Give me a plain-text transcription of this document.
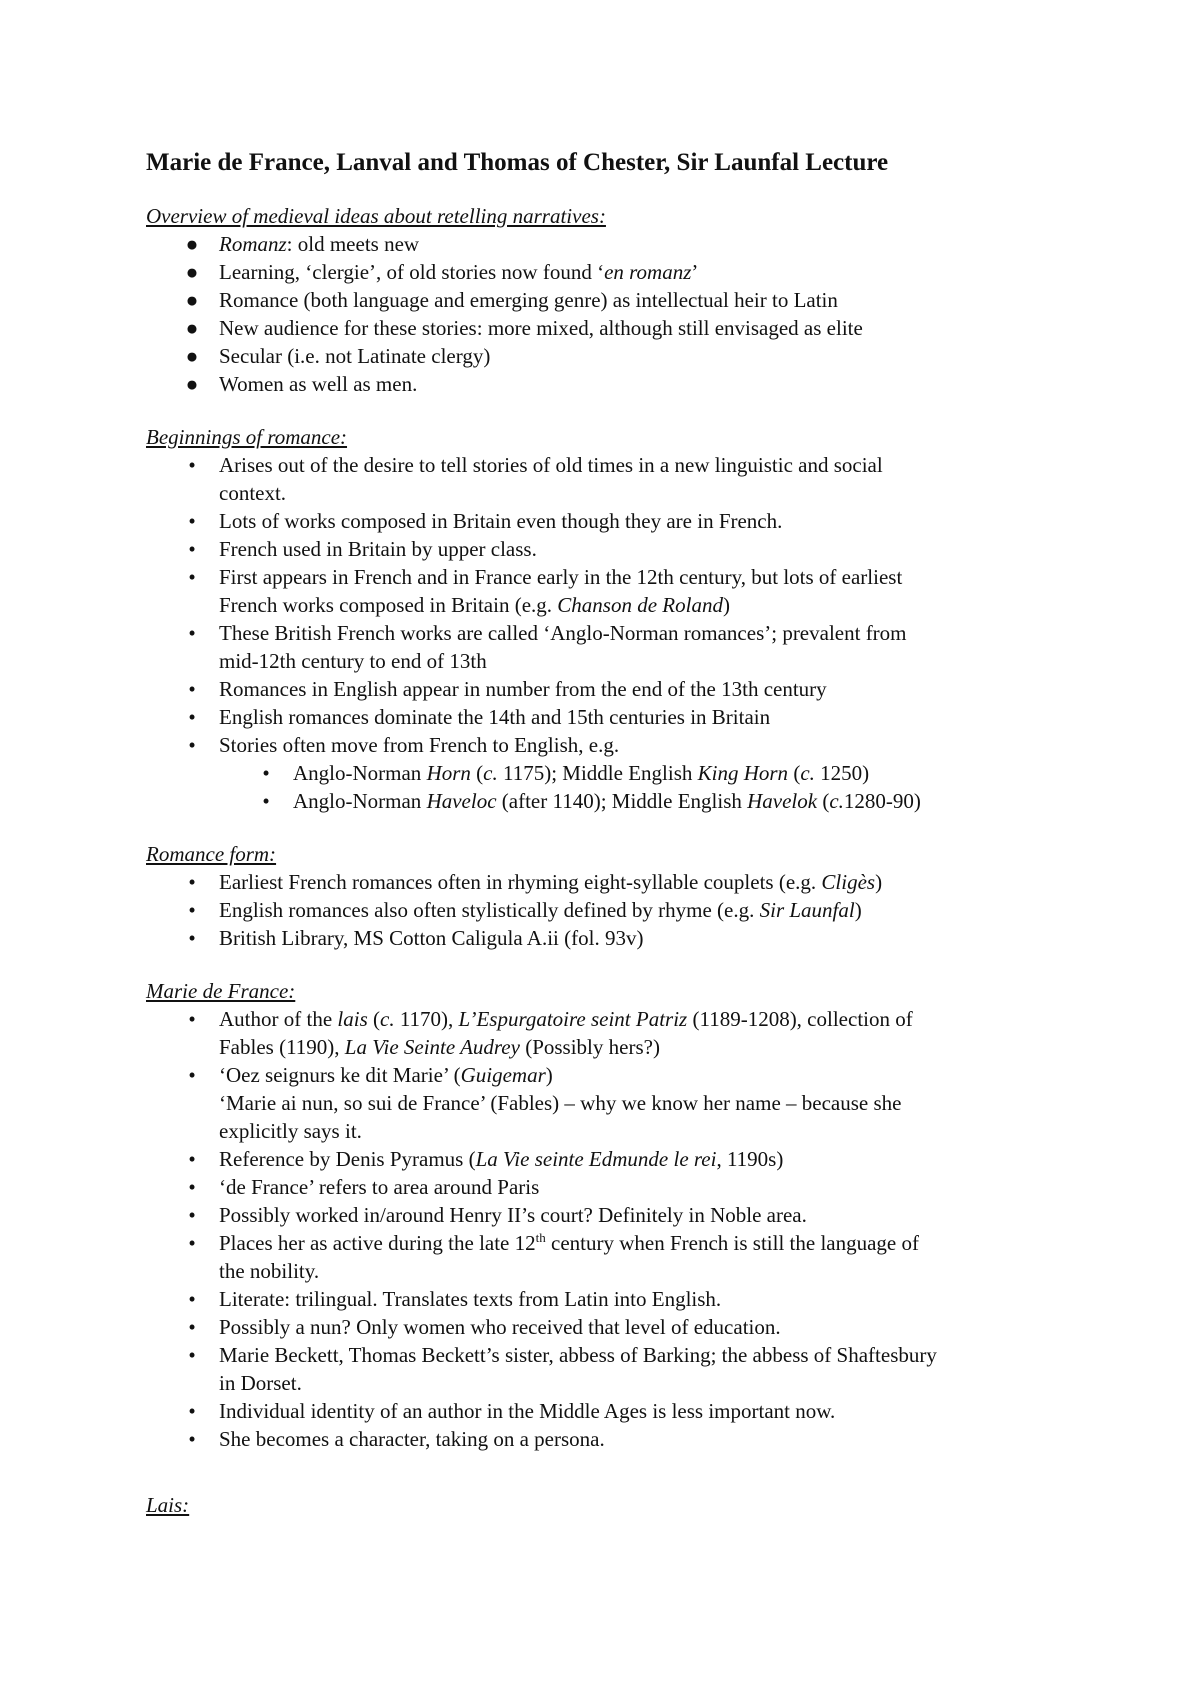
Marie de France, Lanval and Thomas of Chester, Sir Launfal Lecture
Overview of medieval ideas about retelling narratives:
● Romanz: old meets new
● Learning, ‘clergie’, of old stories now found ‘en romanz’
● Romance (both language and emerging genre) as intellectual heir to Latin
● New audience for these stories: more mixed, although still envisaged as elite
● Secular (i.e. not Latinate clergy)
● Women as well as men.
Beginnings of romance:
•	Arises out of the desire to tell stories of old times in a new linguistic and social
context.
•	Lots of works composed in Britain even though they are in French.
•	French used in Britain by upper class.
•	First appears in French and in France early in the 12th century, but lots of earliest
French works composed in Britain (e.g. Chanson de Roland)
•	These British French works are called ‘Anglo-Norman romances’; prevalent from
mid-12th century to end of 13th
•	Romances in English appear in number from the end of the 13th century
•	English romances dominate the 14th and 15th centuries in Britain
•	Stories often move from French to English, e.g.
•	Anglo-Norman Horn (c. 1175); Middle English King Horn (c. 1250)
•	Anglo-Norman Haveloc (after 1140); Middle English Havelok (c.1280-90)
Romance form:
•	Earliest French romances often in rhyming eight-syllable couplets (e.g. Cligès)
•	English romances also often stylistically defined by rhyme (e.g. Sir Launfal)
•	British Library, MS Cotton Caligula A.ii (fol. 93v)
Marie de France:
•	Author of the lais (c. 1170), L’Espurgatoire seint Patriz (1189-1208), collection of
Fables (1190), La Vie Seinte Audrey (Possibly hers?)
•	‘Oez seignurs ke dit Marie’ (Guigemar)
‘Marie ai nun, so sui de France’ (Fables) – why we know her name – because she
explicitly says it.
•	Reference by Denis Pyramus (La Vie seinte Edmunde le rei, 1190s)
•	‘de France’ refers to area around Paris
•	Possibly worked in/around Henry II’s court? Definitely in Noble area.
•	Places her as active during the late 12th century when French is still the language of
the nobility.
•	Literate: trilingual. Translates texts from Latin into English.
•	Possibly a nun? Only women who received that level of education.
•	Marie Beckett, Thomas Beckett’s sister, abbess of Barking; the abbess of Shaftesbury
in Dorset.
•	Individual identity of an author in the Middle Ages is less important now.
•	She becomes a character, taking on a persona.
Lais:
